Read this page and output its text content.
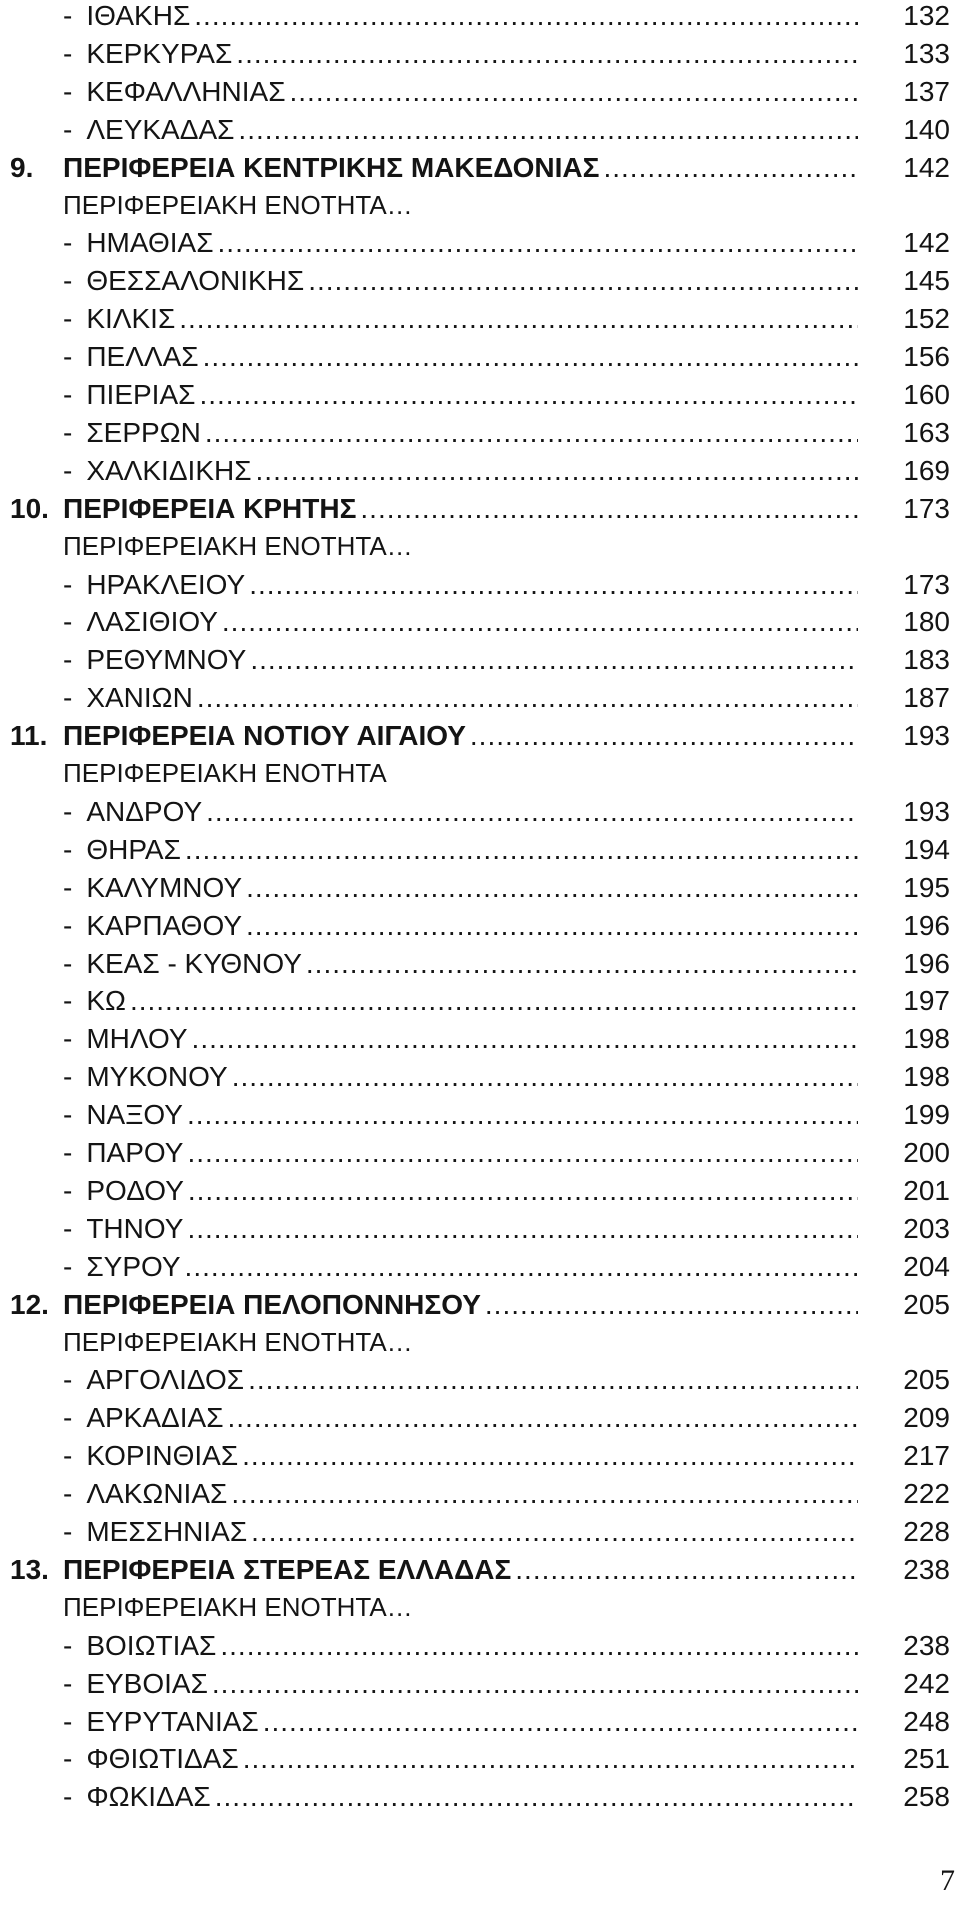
- ΙΘΑΚΗΣ .....	132
- ΚΕΡΚΥΡΑΣ .....	133
- ΚΕΦΑΛΛΗΝΙΑΣ .....	137
- ΛΕΥΚΑΔΑΣ .....	140
9. ΠΕΡΙΦΕΡΕΙΑ ΚΕΝΤΡΙΚΗΣ ΜΑΚΕΔΟΝΙΑΣ .....	142
ΠΕΡΙΦΕΡΕΙΑΚΗ ΕΝΟΤΗΤΑ…
- ΗΜΑΘΙΑΣ .....	142
- ΘΕΣΣΑΛΟΝΙΚΗΣ .....	145
- ΚΙΛΚΙΣ .....	152
- ΠΕΛΛΑΣ .....	156
- ΠΙΕΡΙΑΣ .....	160
- ΣΕΡΡΩΝ .....	163
- ΧΑΛΚΙΔΙΚΗΣ .....	169
10. ΠΕΡΙΦΕΡΕΙΑ ΚΡΗΤΗΣ .....	173
ΠΕΡΙΦΕΡΕΙΑΚΗ ΕΝΟΤΗΤΑ…
- ΗΡΑΚΛΕΙΟΥ .....	173
- ΛΑΣΙΘΙΟΥ .....	180
- ΡΕΘΥΜΝΟΥ .....	183
- ΧΑΝΙΩΝ .....	187
11. ΠΕΡΙΦΕΡΕΙΑ ΝΟΤΙΟΥ ΑΙΓΑΙΟΥ .....	193
ΠΕΡΙΦΕΡΕΙΑΚΗ ΕΝΟΤΗΤΑ
- ΑΝΔΡΟΥ .....	193
- ΘΗΡΑΣ .....	194
- ΚΑΛΥΜΝΟΥ .....	195
- ΚΑΡΠΑΘΟΥ .....	196
- ΚΕΑΣ - ΚΥΘΝΟΥ .....	196
- ΚΩ .....	197
- ΜΗΛΟΥ .....	198
- ΜΥΚΟΝΟΥ .....	198
- ΝΑΞΟΥ .....	199
- ΠΑΡΟΥ .....	200
- ΡΟΔΟΥ .....	201
- ΤΗΝΟΥ .....	203
- ΣΥΡΟΥ .....	204
12. ΠΕΡΙΦΕΡΕΙΑ ΠΕΛΟΠΟΝΝΗΣΟΥ .....	205
ΠΕΡΙΦΕΡΕΙΑΚΗ ΕΝΟΤΗΤΑ…
- ΑΡΓΟΛΙΔΟΣ .....	205
- ΑΡΚΑΔΙΑΣ .....	209
- ΚΟΡΙΝΘΙΑΣ .....	217
- ΛΑΚΩΝΙΑΣ .....	222
- ΜΕΣΣΗΝΙΑΣ .....	228
13. ΠΕΡΙΦΕΡΕΙΑ ΣΤΕΡΕΑΣ ΕΛΛΑΔΑΣ .....	238
ΠΕΡΙΦΕΡΕΙΑΚΗ ΕΝΟΤΗΤΑ…
- ΒΟΙΩΤΙΑΣ .....	238
- ΕΥΒΟΙΑΣ .....	242
- ΕΥΡΥΤΑΝΙΑΣ .....	248
- ΦΘΙΩΤΙΔΑΣ .....	251
- ΦΩΚΙΔΑΣ .....	258
7
